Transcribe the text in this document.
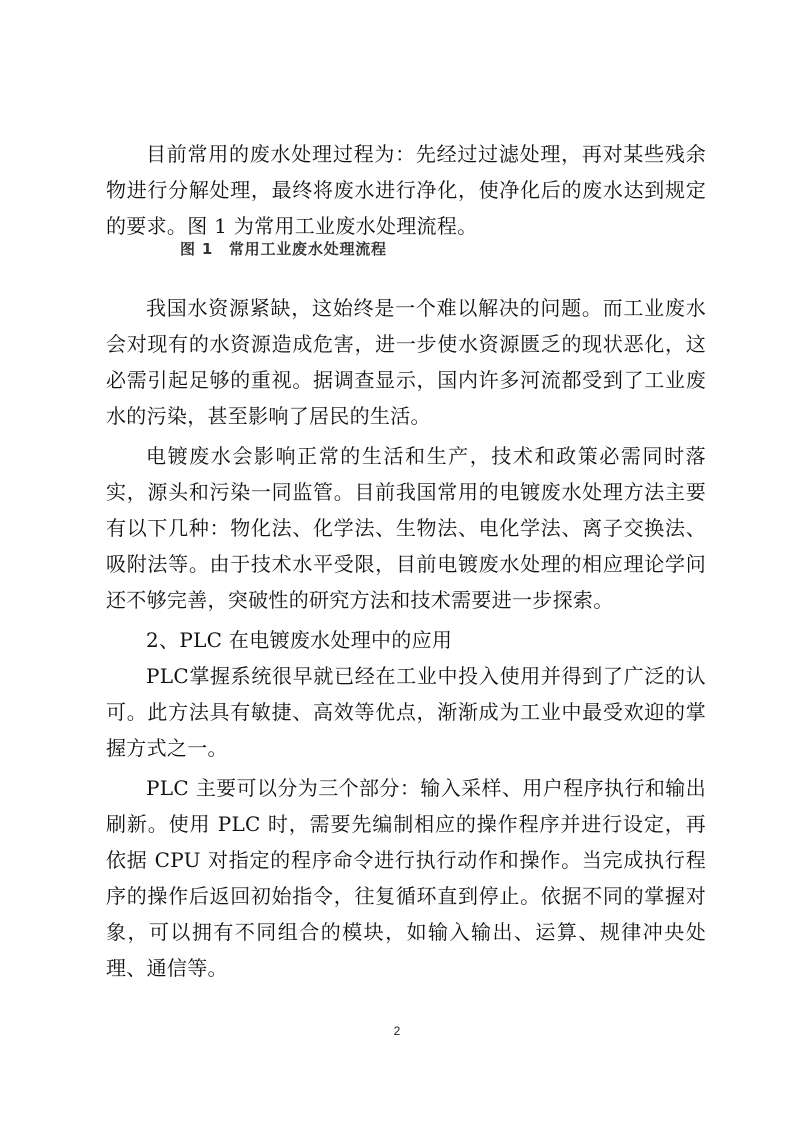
目前常用的废水处理过程为：先经过过滤处理，再对某些残余物进行分解处理，最终将废水进行净化，使净化后的废水达到规定的要求。图 1 为常用工业废水处理流程。

图 1　常用工业废水处理流程

我国水资源紧缺，这始终是一个难以解决的问题。而工业废水会对现有的水资源造成危害，进一步使水资源匮乏的现状恶化，这必需引起足够的重视。据调查显示，国内许多河流都受到了工业废水的污染，甚至影响了居民的生活。

电镀废水会影响正常的生活和生产，技术和政策必需同时落实，源头和污染一同监管。目前我国常用的电镀废水处理方法主要有以下几种：物化法、化学法、生物法、电化学法、离子交换法、吸附法等。由于技术水平受限，目前电镀废水处理的相应理论学问还不够完善，突破性的研究方法和技术需要进一步探索。

2、PLC 在电镀废水处理中的应用

PLC掌握系统很早就已经在工业中投入使用并得到了广泛的认可。此方法具有敏捷、高效等优点，渐渐成为工业中最受欢迎的掌握方式之一。

PLC 主要可以分为三个部分：输入采样、用户程序执行和输出刷新。使用 PLC 时，需要先编制相应的操作程序并进行设定，再依据 CPU 对指定的程序命令进行执行动作和操作。当完成执行程序的操作后返回初始指令，往复循环直到停止。依据不同的掌握对象，可以拥有不同组合的模块，如输入输出、运算、规律冲央处理、通信等。

2
